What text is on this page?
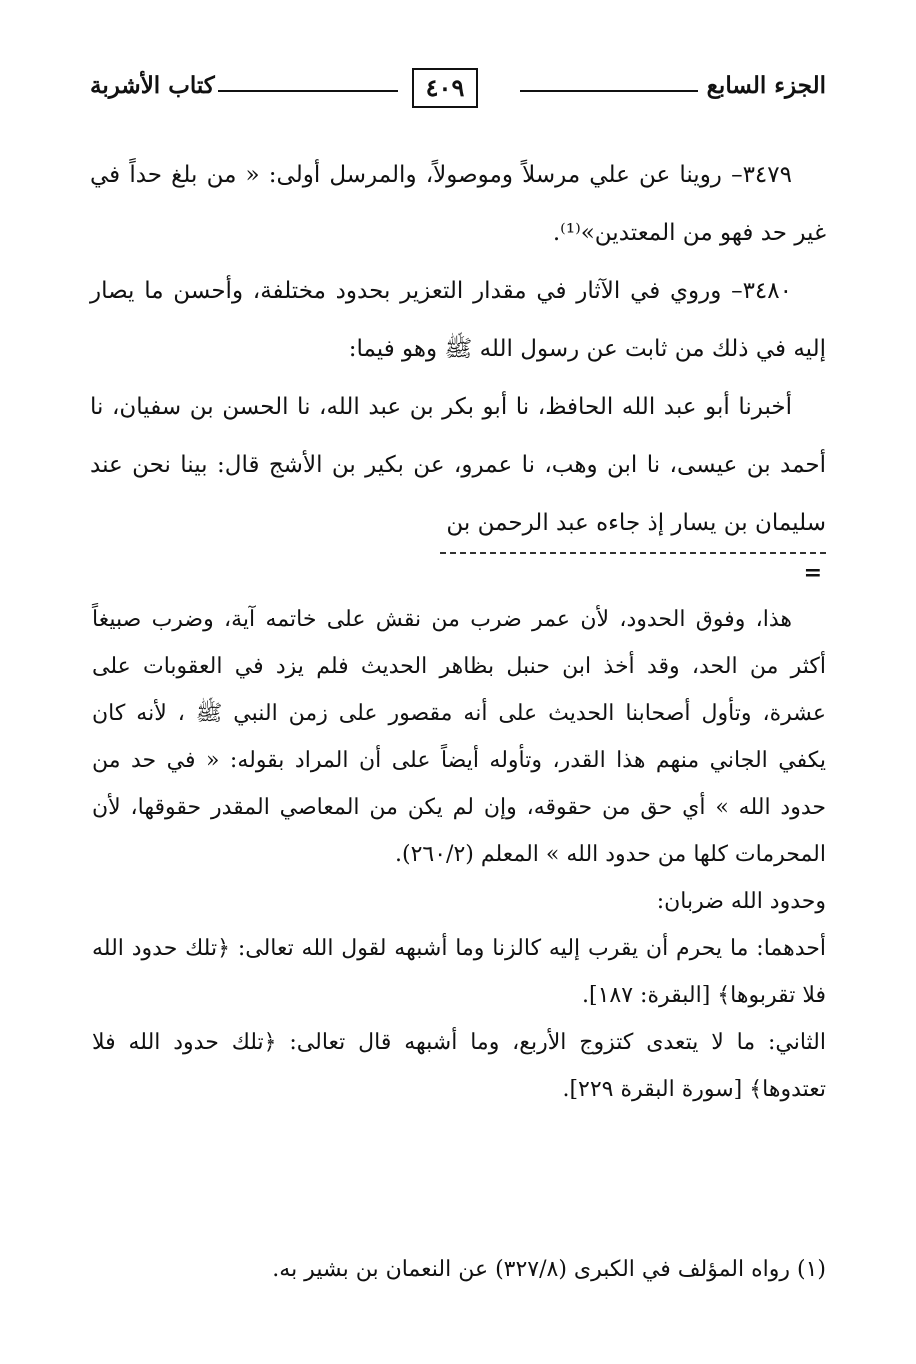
الجزء السابع
٤٠٩
كتاب الأشربة

٣٤٧٩– روينا عن علي مرسلاً وموصولاً، والمرسل أولى: « من بلغ حداً في غير حد فهو من المعتدين»⁽¹⁾.

٣٤٨٠– وروي في الآثار في مقدار التعزير بحدود مختلفة، وأحسن ما يصار إليه في ذلك من ثابت عن رسول الله ﷺ وهو فيما:

أخبرنا أبو عبد الله الحافظ، نا أبو بكر بن عبد الله، نا الحسن بن سفيان، نا أحمد بن عيسى، نا ابن وهب، نا عمرو، عن بكير بن الأشج قال: بينا نحن عند سليمان بن يسار إذ جاءه عبد الرحمن بن

=

هذا، وفوق الحدود، لأن عمر ضرب من نقش على خاتمه آية، وضرب صبيغاً أكثر من الحد، وقد أخذ ابن حنبل بظاهر الحديث فلم يزد في العقوبات على عشرة، وتأول أصحابنا الحديث على أنه مقصور على زمن النبي ﷺ ، لأنه كان يكفي الجاني منهم هذا القدر، وتأوله أيضاً على أن المراد بقوله: « في حد من حدود الله » أي حق من حقوقه، وإن لم يكن من المعاصي المقدر حقوقها، لأن المحرمات كلها من حدود الله » المعلم (٢٦٠/٢).

وحدود الله ضربان:

أحدهما: ما يحرم أن يقرب إليه كالزنا وما أشبهه لقول الله تعالى: ﴿تلك حدود الله فلا تقربوها﴾ [البقرة: ١٨٧].

الثاني: ما لا يتعدى كتزوج الأربع، وما أشبهه قال تعالى: ﴿تلك حدود الله فلا تعتدوها﴾ [سورة البقرة ٢٢٩].

(١) رواه المؤلف في الكبرى (٣٢٧/٨) عن النعمان بن بشير به.
